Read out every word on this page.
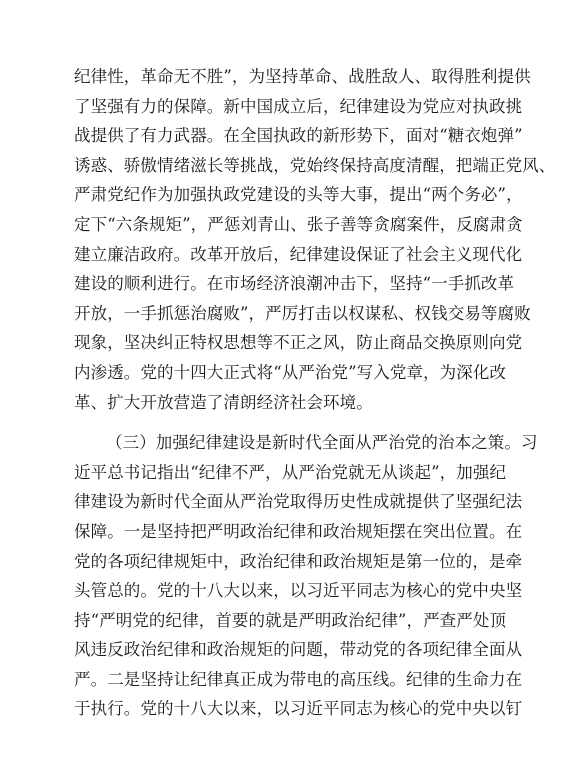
纪律性，革命无不胜”，为坚持革命、战胜敌人、取得胜利提供
了坚强有力的保障。新中国成立后，纪律建设为党应对执政挑
战提供了有力武器。在全国执政的新形势下，面对“糖衣炮弹”
诱惑、骄傲情绪滋长等挑战，党始终保持高度清醒，把端正党风、
严肃党纪作为加强执政党建设的头等大事，提出“两个务必”，
定下“六条规矩”，严惩刘青山、张子善等贪腐案件，反腐肃贪
建立廉洁政府。改革开放后，纪律建设保证了社会主义现代化
建设的顺利进行。在市场经济浪潮冲击下，坚持“一手抓改革
开放，一手抓惩治腐败”，严厉打击以权谋私、权钱交易等腐败
现象，坚决纠正特权思想等不正之风，防止商品交换原则向党
内渗透。党的十四大正式将“从严治党”写入党章，为深化改
革、扩大开放营造了清朗经济社会环境。
（三）加强纪律建设是新时代全面从严治党的治本之策。习
近平总书记指出“纪律不严，从严治党就无从谈起”，加强纪
律建设为新时代全面从严治党取得历史性成就提供了坚强纪法
保障。一是坚持把严明政治纪律和政治规矩摆在突出位置。在
党的各项纪律规矩中，政治纪律和政治规矩是第一位的，是牵
头管总的。党的十八大以来，以习近平同志为核心的党中央坚
持“严明党的纪律，首要的就是严明政治纪律”，严查严处顶
风违反政治纪律和政治规矩的问题，带动党的各项纪律全面从
严。二是坚持让纪律真正成为带电的高压线。纪律的生命力在
于执行。党的十八大以来，以习近平同志为核心的党中央以钉
